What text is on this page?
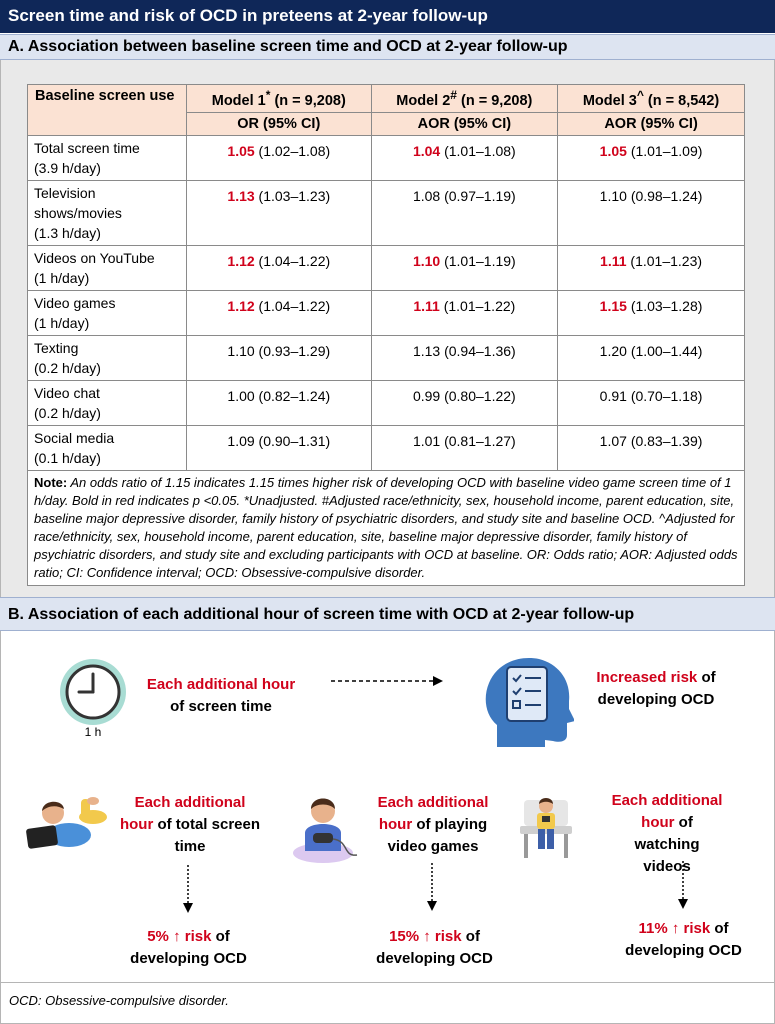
Screen time and risk of OCD in preteens at 2-year follow-up
A. Association between baseline screen time and OCD at 2-year follow-up
Baseline screen use	Model 1* (n = 9,208)	Model 2# (n = 9,208)	Model 3^ (n = 8,542)
	OR (95% CI)	AOR (95% CI)	AOR (95% CI)

Total screen time
(3.9 h/day)	1.05 (1.02–1.08)	1.04 (1.01–1.08)	1.05 (1.01–1.09)

Television
shows/movies
(1.3 h/day)	1.13 (1.03–1.23)	1.08 (0.97–1.19)	1.10 (0.98–1.24)

Videos on YouTube
(1 h/day)	1.12 (1.04–1.22)	1.10 (1.01–1.19)	1.11 (1.01–1.23)

Video games
(1 h/day)	1.12 (1.04–1.22)	1.11 (1.01–1.22)	1.15 (1.03–1.28)

Texting
(0.2 h/day)	1.10 (0.93–1.29)	1.13 (0.94–1.36)	1.20 (1.00–1.44)

Video chat
(0.2 h/day)	1.00 (0.82–1.24)	0.99 (0.80–1.22)	0.91 (0.70–1.18)

Social media
(0.1 h/day)	1.09 (0.90–1.31)	1.01 (0.81–1.27)	1.07 (0.83–1.39)
Note: An odds ratio of 1.15 indicates 1.15 times higher risk of developing OCD with baseline video game screen time of 1 h/day. Bold in red indicates p <0.05. *Unadjusted. #Adjusted race/ethnicity, sex, household income, parent education, site, baseline major depressive disorder, family history of psychiatric disorders, and study site and baseline OCD. ^Adjusted for race/ethnicity, sex, household income, parent education, site, baseline major depressive disorder, family history of psychiatric disorders, and study site and excluding participants with OCD at baseline. OR: Odds ratio; AOR: Adjusted odds ratio; CI: Confidence interval; OCD: Obsessive-compulsive disorder.			
B. Association of each additional hour of screen time with OCD at 2-year follow-up
1 h
Each additional hour
of screen time
Increased risk of
developing OCD
Each additional
hour of total screen
time
5% ↑ risk of
developing OCD
Each additional
hour of playing
video games
15% ↑ risk of
developing OCD
Each additional
hour of watching
videos
11% ↑ risk of
developing OCD
OCD: Obsessive-compulsive disorder.
